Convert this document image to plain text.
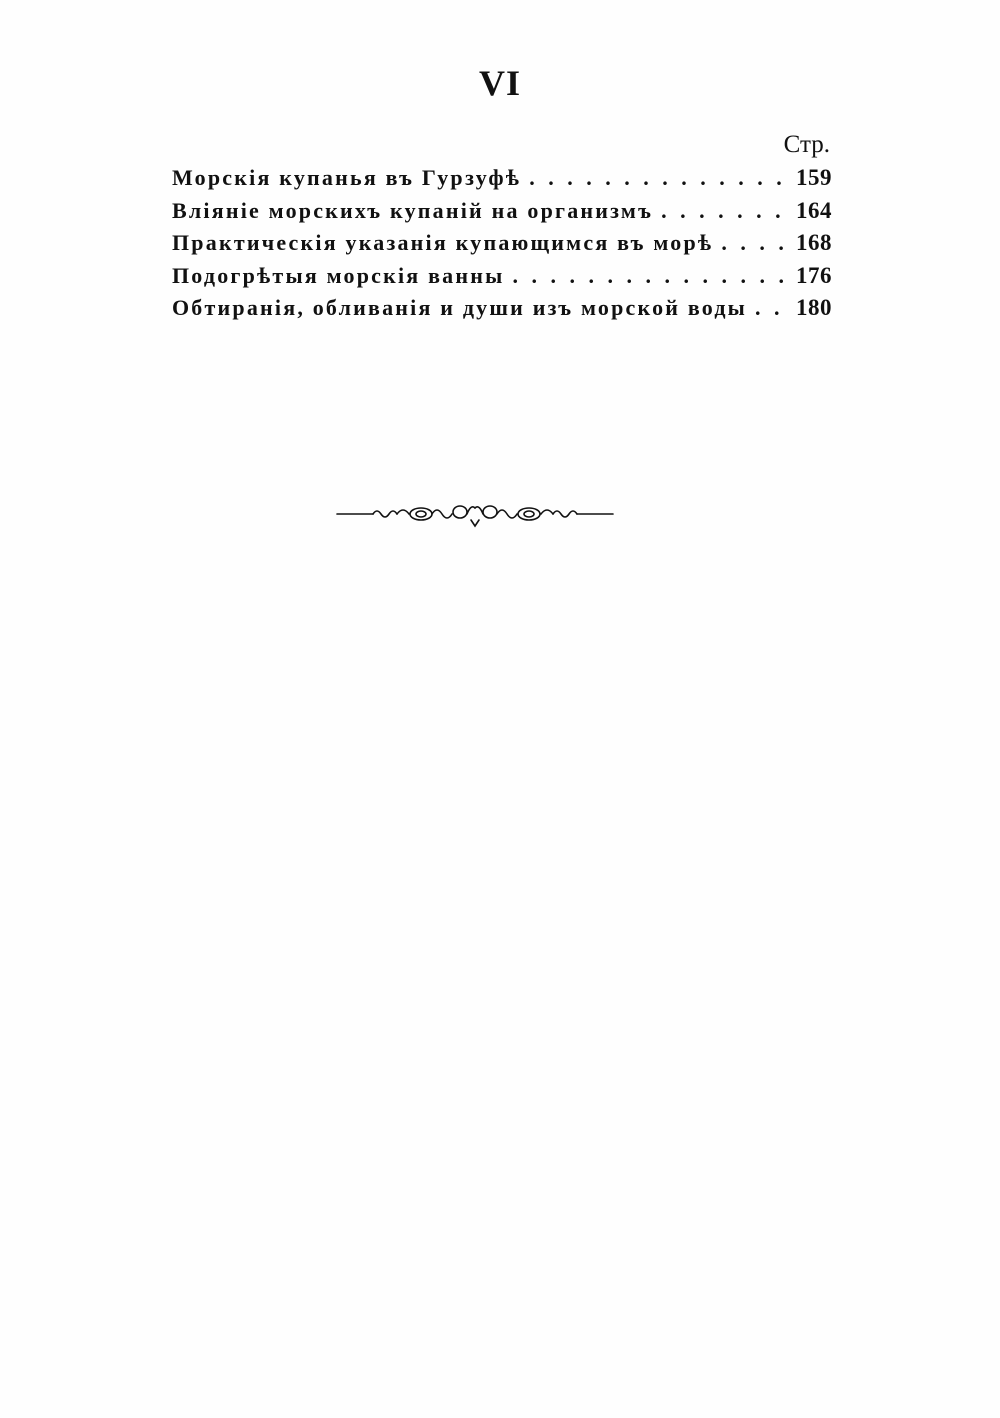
VI
Стр.
Морскія купанья въ Гурзуфѣ . . .	159
Вліяніе морскихъ купаній на организмъ . . .	164
Практическія указанія купающимся въ морѣ . . .	168
Подогрѣтыя морскія ванны . . .	176
Обтиранія, обливанія и души изъ морской воды . . . 180
